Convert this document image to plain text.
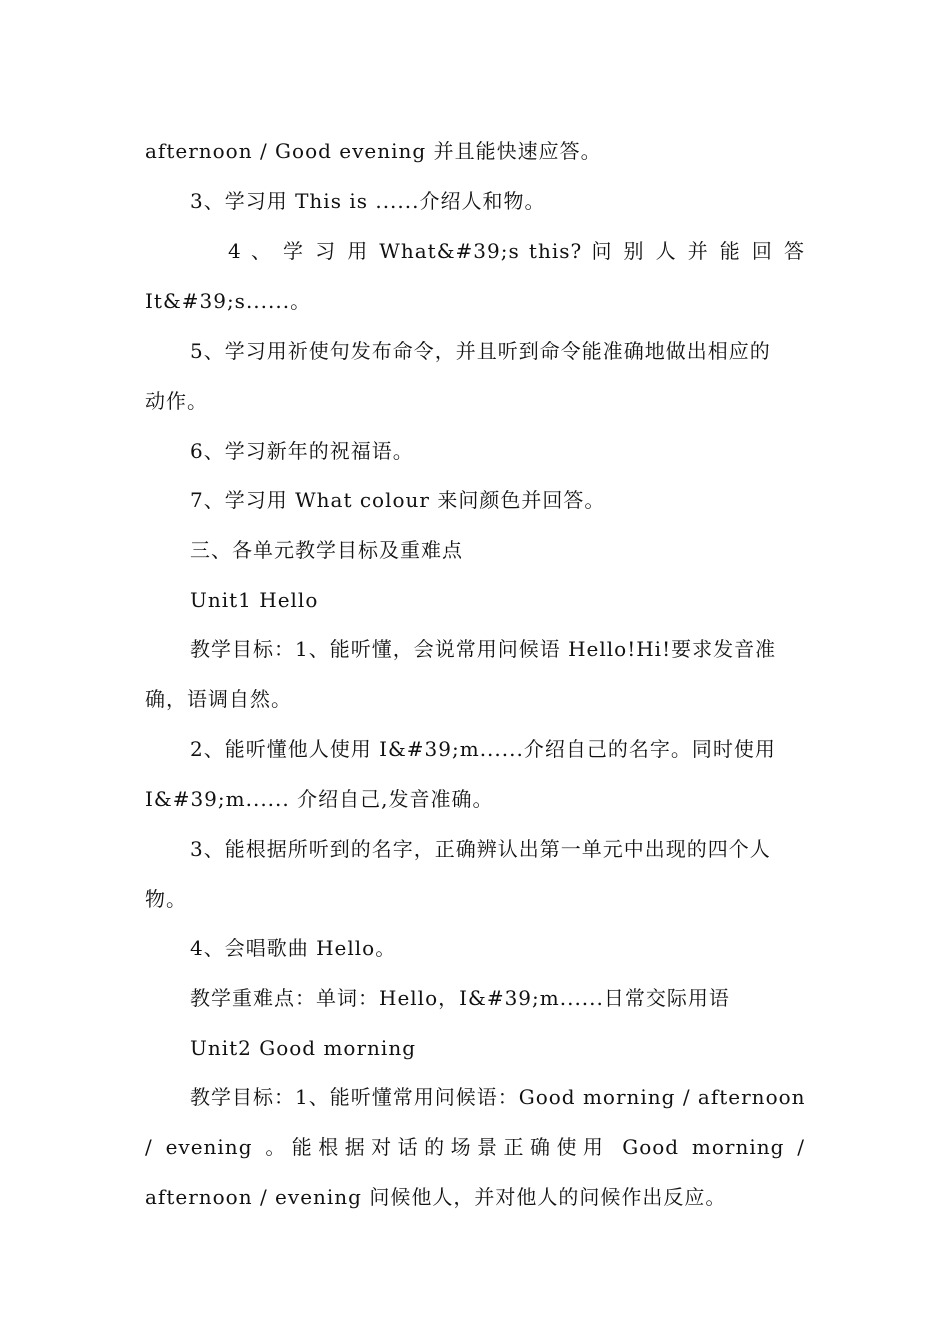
afternoon / Good evening 并且能快速应答。
3、学习用 This is ......介绍人和物。
4 、 学 习 用 What&#39;s this? 问 别 人 并 能 回 答
It&#39;s......。
5、学习用祈使句发布命令，并且听到命令能准确地做出相应的
动作。
6、学习新年的祝福语。
7、学习用 What colour 来问颜色并回答。
三、各单元教学目标及重难点
Unit1 Hello
教学目标：1、能听懂，会说常用问候语 Hello!Hi!要求发音准
确，语调自然。
2、能听懂他人使用 I&#39;m......介绍自己的名字。同时使用
I&#39;m...... 介绍自己,发音准确。
3、能根据所听到的名字，正确辨认出第一单元中出现的四个人
物。
4、会唱歌曲 Hello。
教学重难点：单词：Hello，I&#39;m......日常交际用语
Unit2 Good morning
教学目标：1、能听懂常用问候语：Good morning / afternoon
/ evening 。能根据对话的场景正确使用 Good morning /
afternoon / evening 问候他人，并对他人的问候作出反应。
